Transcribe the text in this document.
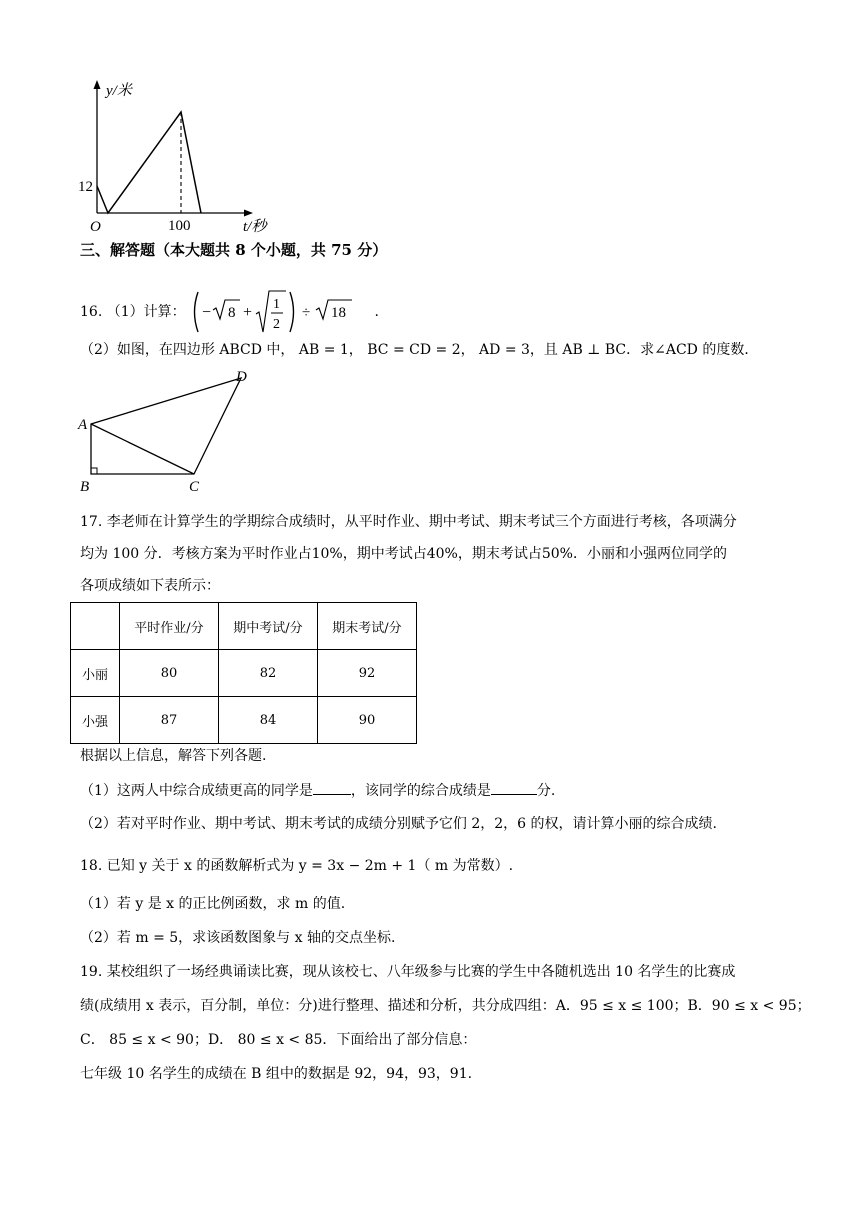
y/米
t/秒
O
12
100
三、解答题（本大题共 8 个小题，共 75 分）
16. （1）计算： − 8 + 1
2
÷ 18 .
（2）如图，在四边形 ABCD 中， AB = 1， BC = CD = 2， AD = 3，且 AB ⊥ BC．求∠ACD 的度数．
A
B	C
D
17. 李老师在计算学生的学期综合成绩时，从平时作业、期中考试、期末考试三个方面进行考核，各项满分
均为 100 分．考核方案为平时作业占10%，期中考试占40%，期末考试占50%．小丽和小强两位同学的
各项成绩如下表所示：
	平时作业/分	期中考试/分	期末考试/分
小丽	80	82	92
小强	87	84	90
根据以上信息，解答下列各题.
（1）这两人中综合成绩更高的同学是	，该同学的综合成绩是	分.
（2）若对平时作业、期中考试、期末考试的成绩分别赋予它们 2，2，6 的权，请计算小丽的综合成绩.
18. 已知 y 关于 x 的函数解析式为 y = 3x − 2m + 1（ m 为常数）.
（1）若 y 是 x 的正比例函数，求 m 的值.
（2）若 m = 5，求该函数图象与 x 轴的交点坐标.
19. 某校组织了一场经典诵读比赛，现从该校七、八年级参与比赛的学生中各随机选出 10 名学生的比赛成
绩(成绩用 x 表示，百分制，单位：分)进行整理、描述和分析，共分成四组：A．95 ≤ x ≤ 100；B．90 ≤ x < 95；
C． 85 ≤ x < 90；D． 80 ≤ x < 85．下面给出了部分信息：
七年级 10 名学生的成绩在 B 组中的数据是 92，94，93，91.
